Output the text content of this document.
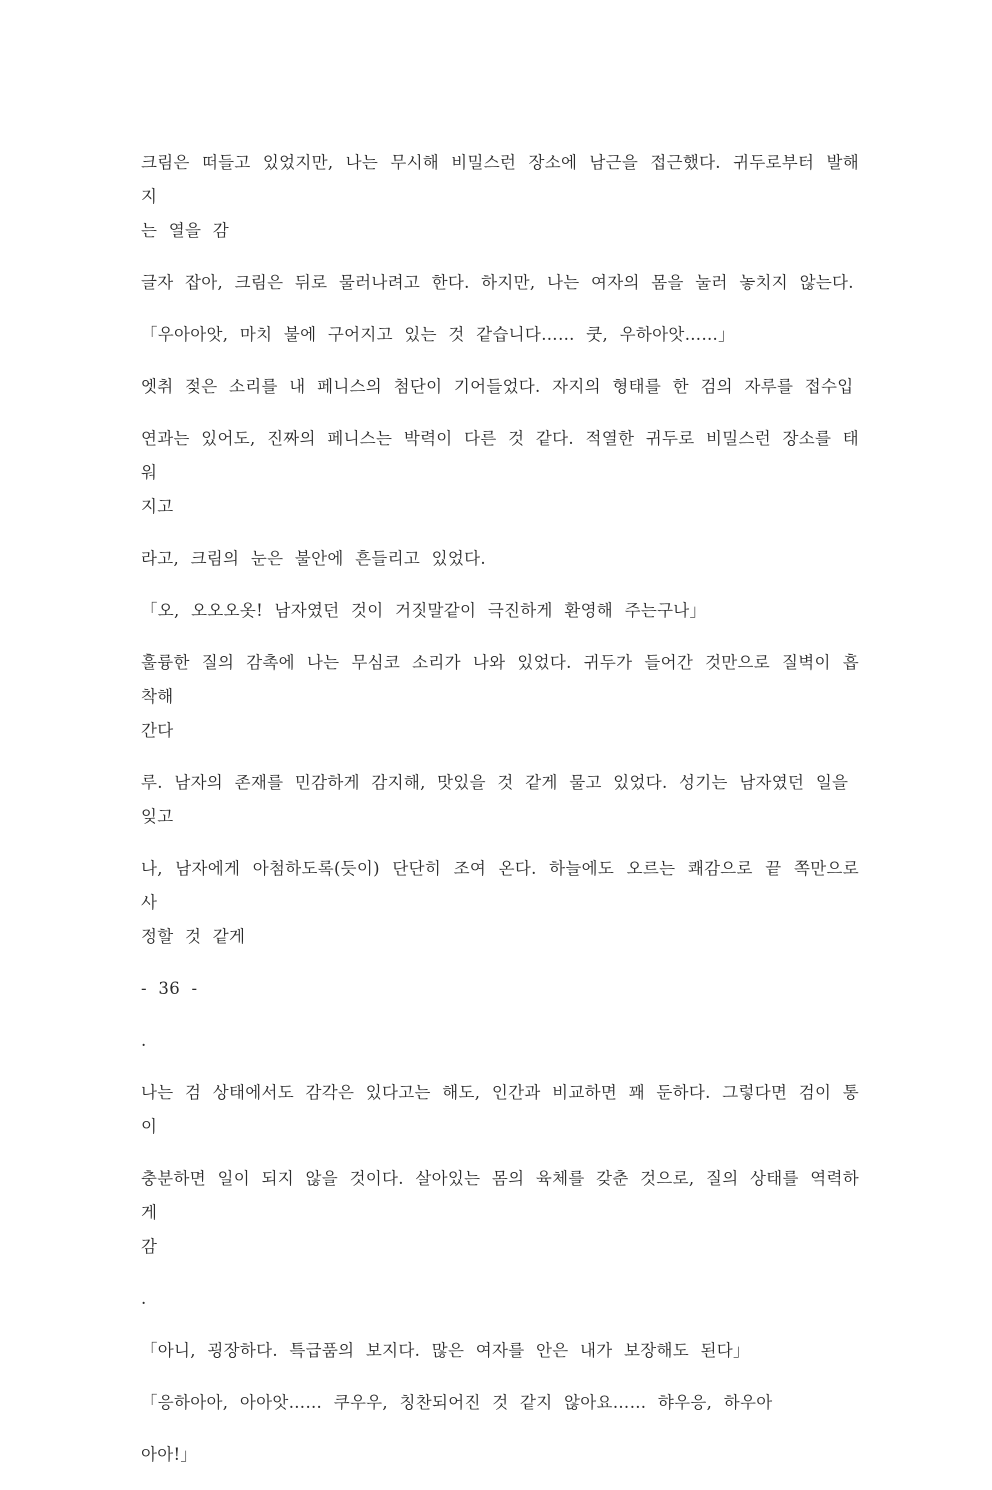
크림은 떠들고 있었지만, 나는 무시해 비밀스런 장소에 남근을 접근했다. 귀두로부터 발해지
는 열을 감
글자 잡아, 크림은 뒤로 물러나려고 한다. 하지만, 나는 여자의 몸을 눌러 놓치지 않는다.
「우아아앗, 마치 불에 구어지고 있는 것 같습니다…… 쿳, 우하아앗……」
엣취 젖은 소리를 내 페니스의 첨단이 기어들었다. 자지의 형태를 한 검의 자루를 접수입
연과는 있어도, 진짜의 페니스는 박력이 다른 것 같다. 적열한 귀두로 비밀스런 장소를 태워
지고
라고, 크림의 눈은 불안에 흔들리고 있었다.
「오, 오오오옷! 남자였던 것이 거짓말같이 극진하게 환영해 주는구나」
훌륭한 질의 감촉에 나는 무심코 소리가 나와 있었다. 귀두가 들어간 것만으로 질벽이 흡착해
간다
루. 남자의 존재를 민감하게 감지해, 맛있을 것 같게 물고 있었다. 성기는 남자였던 일을 잊고
나, 남자에게 아첨하도록(듯이) 단단히 조여 온다. 하늘에도 오르는 쾌감으로 끝 쪽만으로 사
정할 것 같게
- 36 -
.
나는 검 상태에서도 감각은 있다고는 해도, 인간과 비교하면 꽤 둔하다. 그렇다면 검이 통이
충분하면 일이 되지 않을 것이다. 살아있는 몸의 육체를 갖춘 것으로, 질의 상태를 역력하게
감
.
「아니, 굉장하다. 특급품의 보지다. 많은 여자를 안은 내가 보장해도 된다」
「응하아아, 아아앗…… 쿠우우, 칭찬되어진 것 같지 않아요…… 햐우응, 하우아
아아!」
